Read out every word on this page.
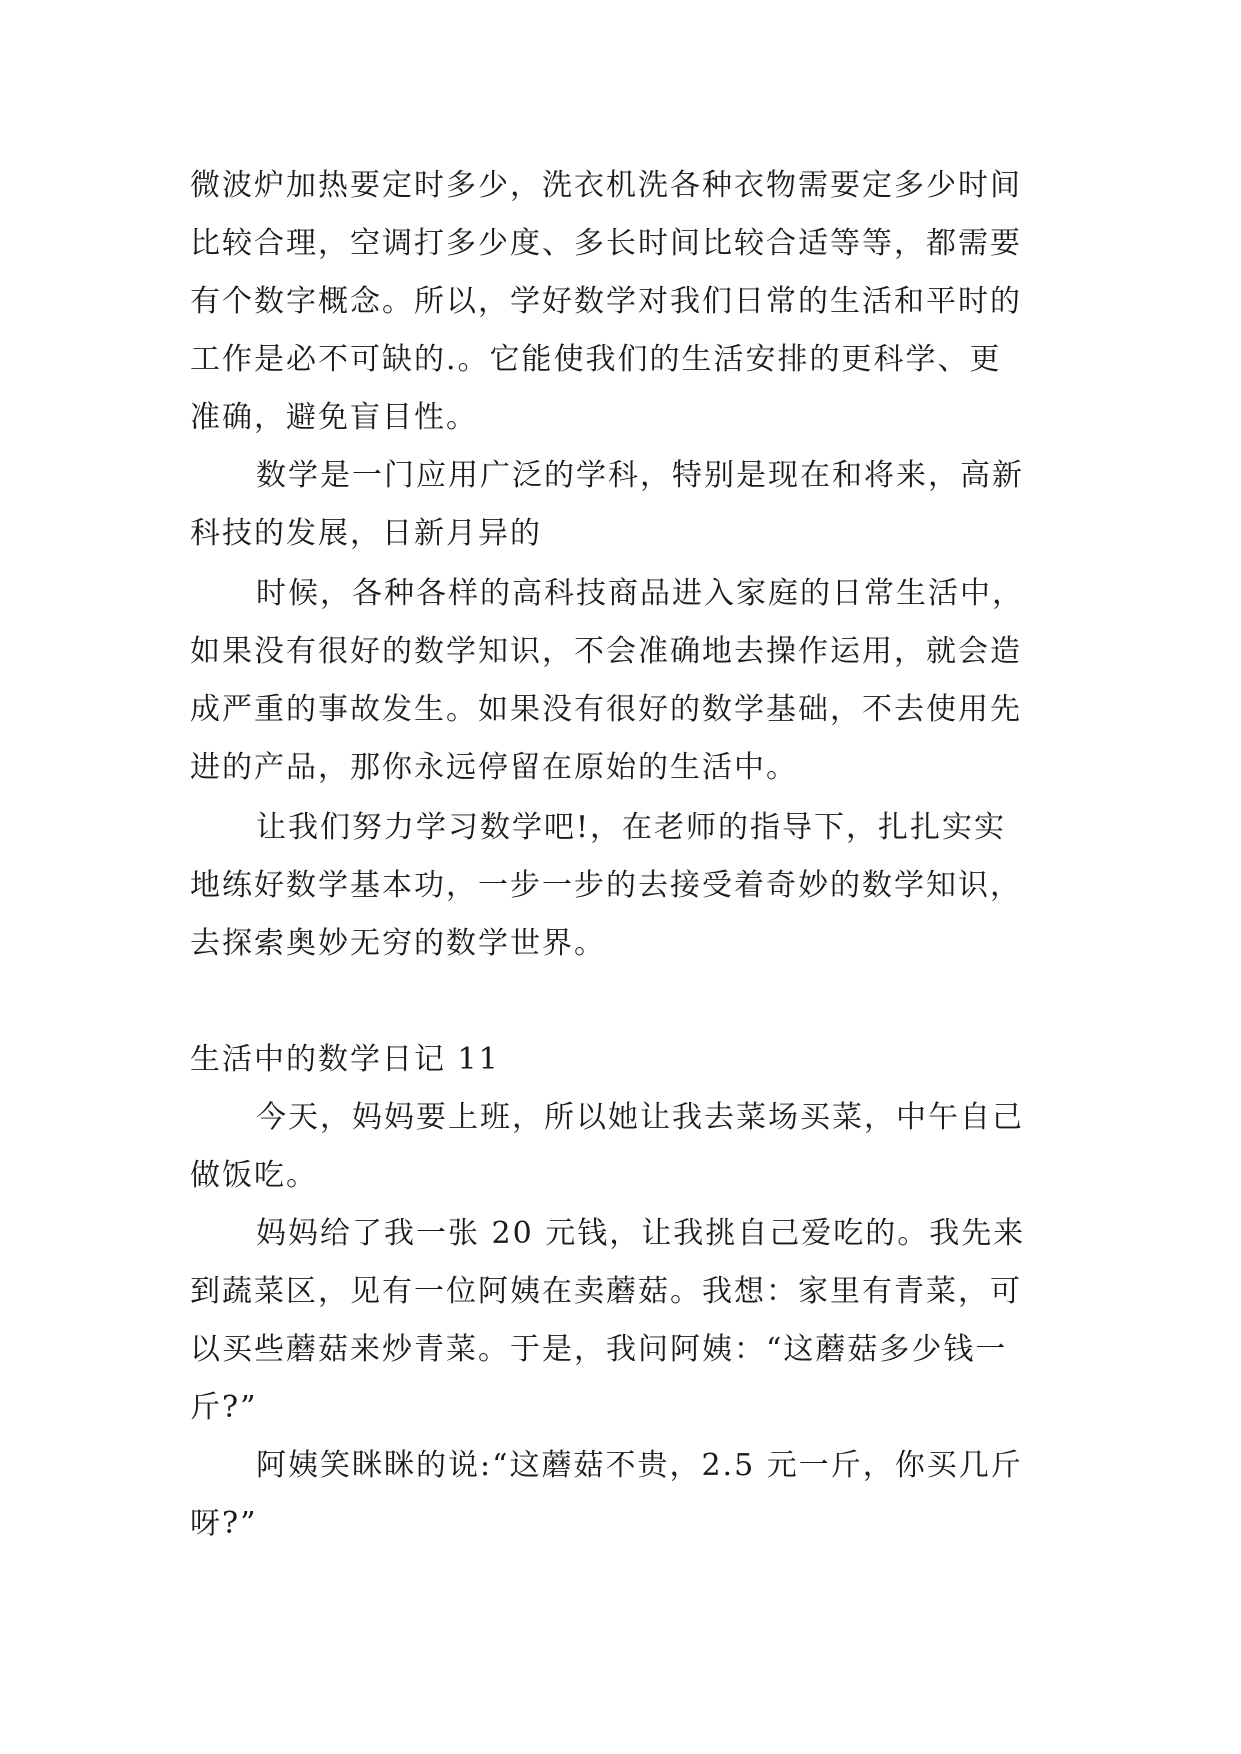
微波炉加热要定时多少，洗衣机洗各种衣物需要定多少时间
比较合理，空调打多少度、多长时间比较合适等等，都需要
有个数字概念。所以，学好数学对我们日常的生活和平时的
工作是必不可缺的.。它能使我们的生活安排的更科学、更
准确，避免盲目性。
数学是一门应用广泛的学科，特别是现在和将来，高新
科技的发展，日新月异的
时候，各种各样的高科技商品进入家庭的日常生活中，
如果没有很好的数学知识，不会准确地去操作运用，就会造
成严重的事故发生。如果没有很好的数学基础，不去使用先
进的产品，那你永远停留在原始的生活中。
让我们努力学习数学吧!，在老师的指导下，扎扎实实
地练好数学基本功，一步一步的去接受着奇妙的数学知识，
去探索奥妙无穷的数学世界。
生活中的数学日记 11
今天，妈妈要上班，所以她让我去菜场买菜，中午自己
做饭吃。
妈妈给了我一张 20 元钱，让我挑自己爱吃的。我先来
到蔬菜区，见有一位阿姨在卖蘑菇。我想：家里有青菜，可
以买些蘑菇来炒青菜。于是，我问阿姨：“这蘑菇多少钱一
斤?”
阿姨笑眯眯的说:“这蘑菇不贵，2.5 元一斤，你买几斤
呀?”
